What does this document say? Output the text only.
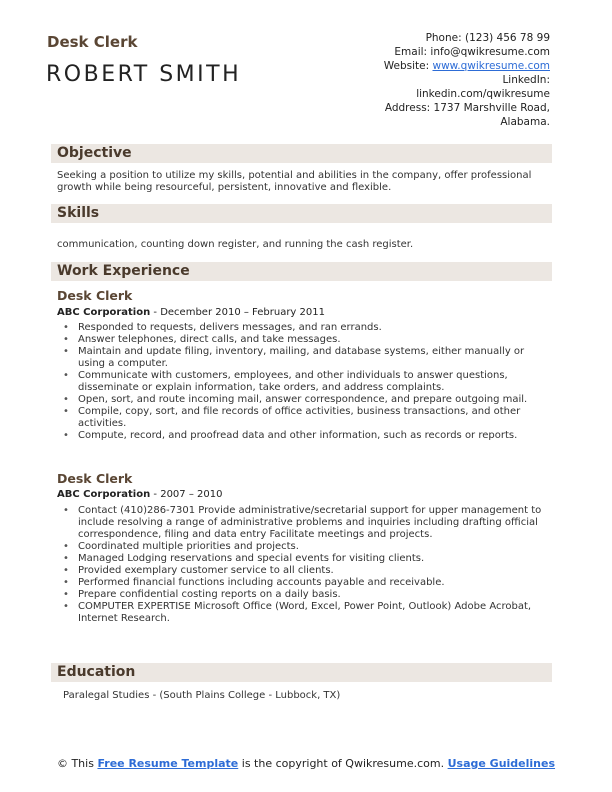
Desk Clerk
ROBERT SMITH
Phone: (123) 456 78 99
Email: info@qwikresume.com
Website: www.qwikresume.com
LinkedIn:
linkedin.com/qwikresume
Address: 1737 Marshville Road,
Alabama.
Objective
Seeking a position to utilize my skills, potential and abilities in the company, offer professional growth while being resourceful, persistent, innovative and flexible.
Skills
communication, counting down register, and running the cash register.
Work Experience
Desk Clerk
ABC Corporation - December 2010 – February 2011
• Responded to requests, delivers messages, and ran errands.
• Answer telephones, direct calls, and take messages.
• Maintain and update filing, inventory, mailing, and database systems, either manually or using a computer.
• Communicate with customers, employees, and other individuals to answer questions, disseminate or explain information, take orders, and address complaints.
• Open, sort, and route incoming mail, answer correspondence, and prepare outgoing mail.
• Compile, copy, sort, and file records of office activities, business transactions, and other activities.
• Compute, record, and proofread data and other information, such as records or reports.
Desk Clerk
ABC Corporation - 2007 – 2010
• Contact (410)286-7301 Provide administrative/secretarial support for upper management to include resolving a range of administrative problems and inquiries including drafting official correspondence, filing and data entry Facilitate meetings and projects.
• Coordinated multiple priorities and projects.
• Managed Lodging reservations and special events for visiting clients.
• Provided exemplary customer service to all clients.
• Performed financial functions including accounts payable and receivable.
• Prepare confidential costing reports on a daily basis.
• COMPUTER EXPERTISE Microsoft Office (Word, Excel, Power Point, Outlook) Adobe Acrobat, Internet Research.
Education
Paralegal Studies - (South Plains College - Lubbock, TX)
© This Free Resume Template is the copyright of Qwikresume.com. Usage Guidelines
